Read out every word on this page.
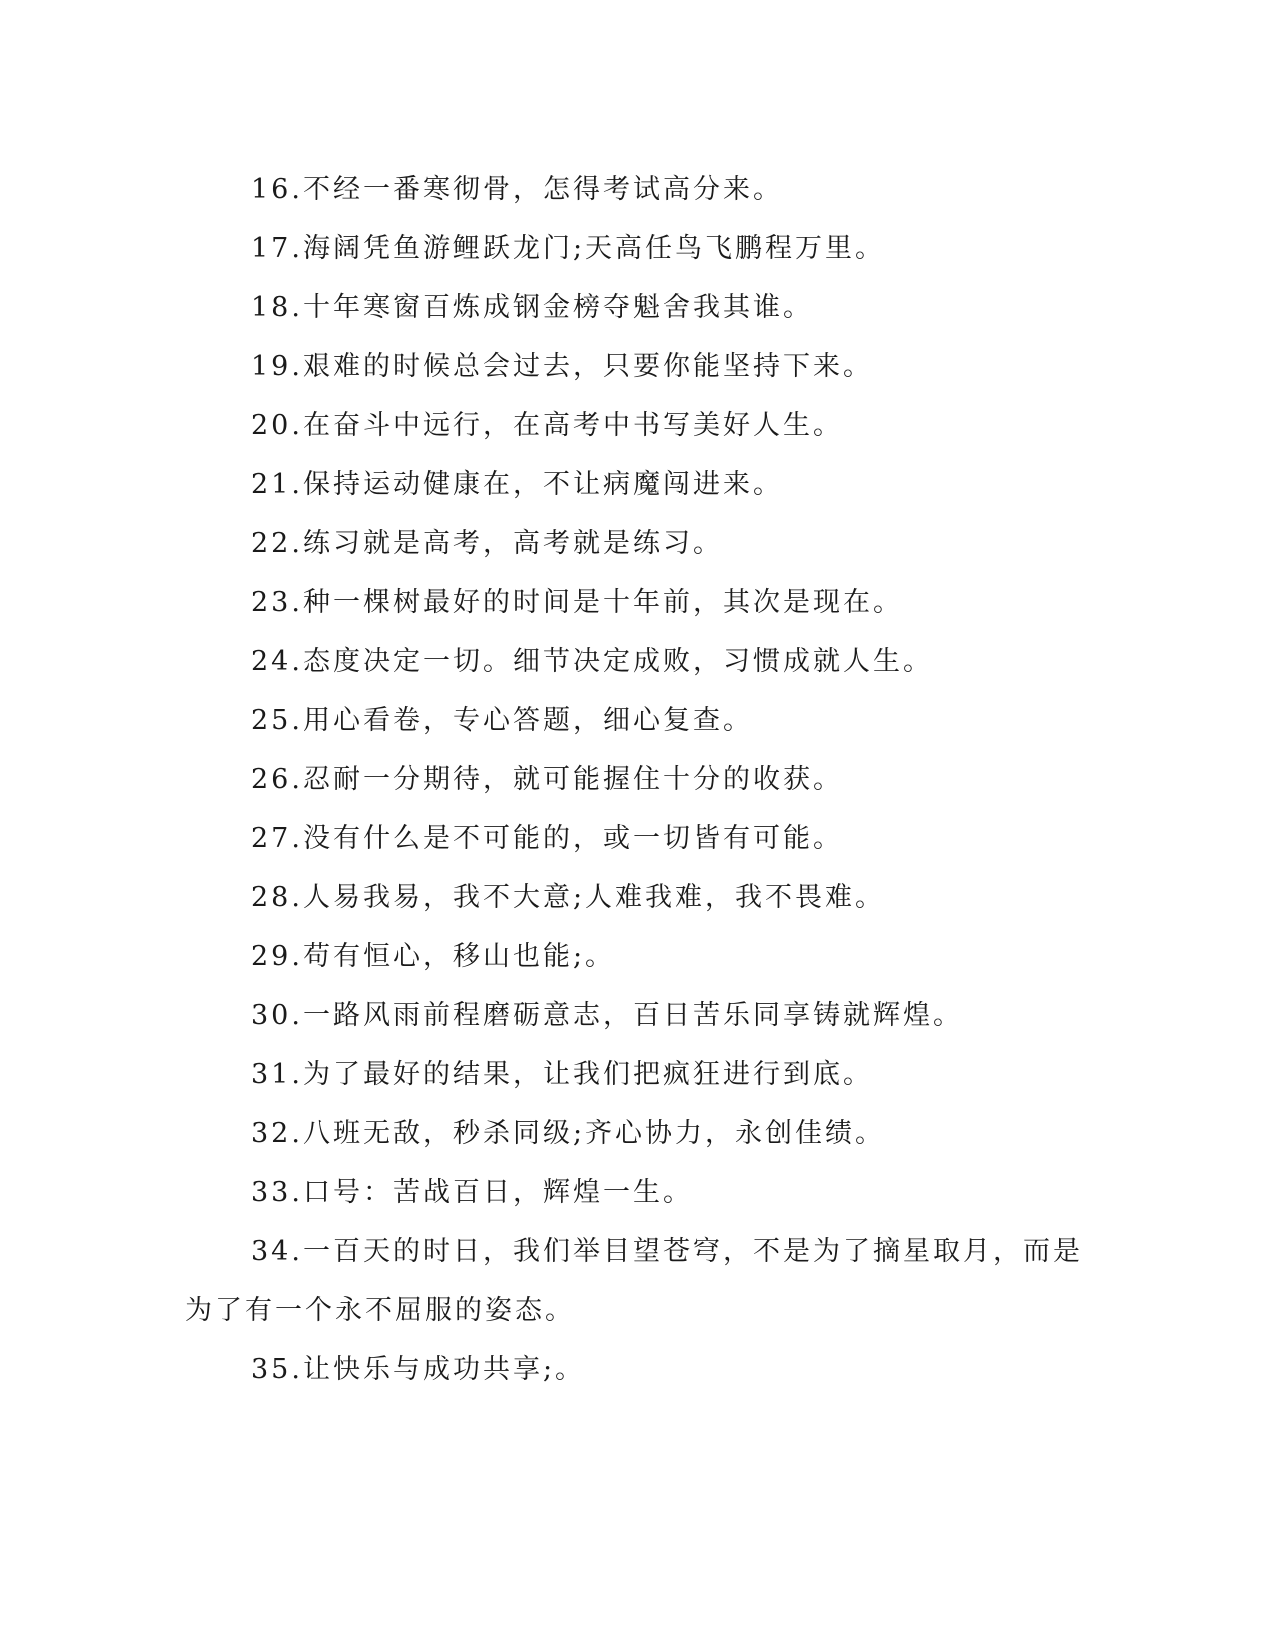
16.不经一番寒彻骨，怎得考试高分来。

17.海阔凭鱼游鲤跃龙门;天高任鸟飞鹏程万里。

18.十年寒窗百炼成钢金榜夺魁舍我其谁。

19.艰难的时候总会过去，只要你能坚持下来。

20.在奋斗中远行，在高考中书写美好人生。

21.保持运动健康在，不让病魔闯进来。

22.练习就是高考，高考就是练习。

23.种一棵树最好的时间是十年前，其次是现在。

24.态度决定一切。细节决定成败，习惯成就人生。

25.用心看卷，专心答题，细心复查。

26.忍耐一分期待，就可能握住十分的收获。

27.没有什么是不可能的，或一切皆有可能。

28.人易我易，我不大意;人难我难，我不畏难。

29.苟有恒心，移山也能;。

30.一路风雨前程磨砺意志，百日苦乐同享铸就辉煌。

31.为了最好的结果，让我们把疯狂进行到底。

32.八班无敌，秒杀同级;齐心协力，永创佳绩。

33.口号：苦战百日，辉煌一生。

34.一百天的时日，我们举目望苍穹，不是为了摘星取月，而是为了有一个永不屈服的姿态。

35.让快乐与成功共享;。
